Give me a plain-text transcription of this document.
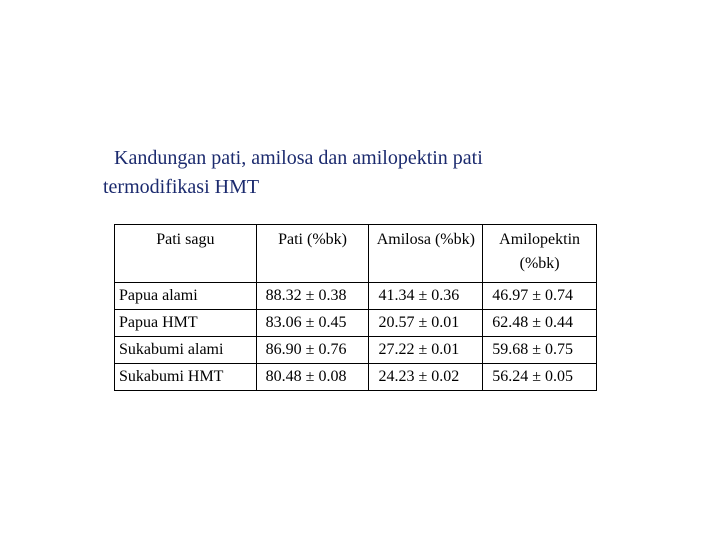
Kandungan pati, amilosa dan amilopektin pati
termodifikasi HMT
Pati sagu	Pati (%bk)	Amilosa (%bk)	Amilopektin (%bk)
Papua alami	88.32 ± 0.38	41.34 ± 0.36	46.97 ± 0.74
Papua HMT	83.06 ± 0.45	20.57 ± 0.01	62.48 ± 0.44
Sukabumi alami	86.90 ± 0.76	27.22 ± 0.01	59.68 ± 0.75
Sukabumi HMT	80.48 ± 0.08	24.23 ± 0.02	56.24 ± 0.05
